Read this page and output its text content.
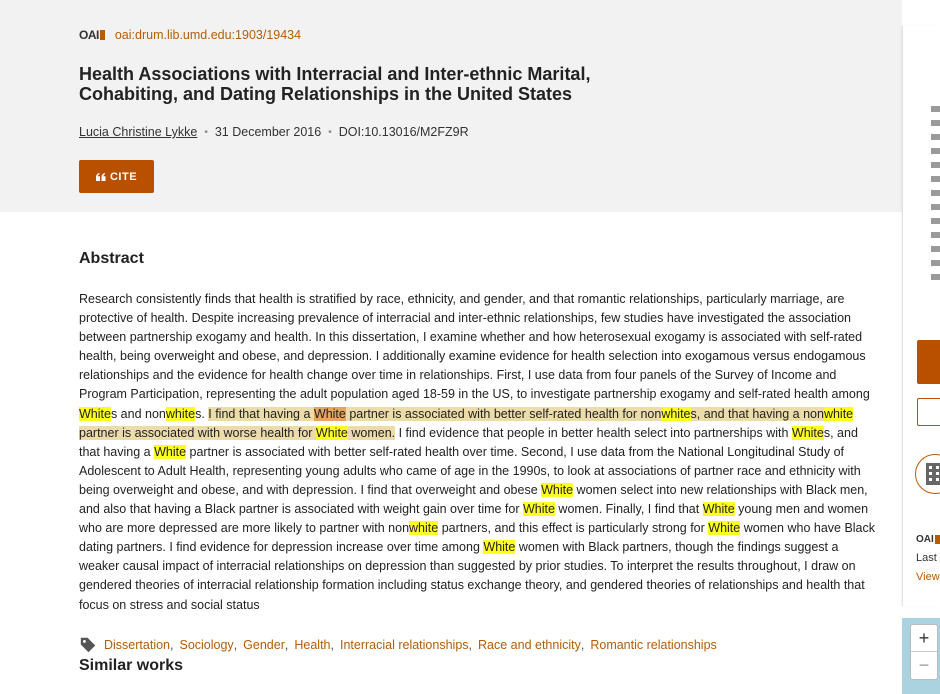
OAI oai:drum.lib.umd.edu:1903/19434
Health Associations with Interracial and Inter-ethnic Marital, Cohabiting, and Dating Relationships in the United States
Lucia Christine Lykke • 31 December 2016 • DOI:10.13016/M2FZ9R
CITE
Abstract
Research consistently finds that health is stratified by race, ethnicity, and gender, and that romantic relationships, particularly marriage, are protective of health. Despite increasing prevalence of interracial and inter-ethnic relationships, few studies have investigated the association between partnership exogamy and health. In this dissertation, I examine whether and how heterosexual exogamy is associated with self-rated health, being overweight and obese, and depression. I additionally examine evidence for health selection into exogamous versus endogamous relationships and the evidence for health change over time in relationships. First, I use data from four panels of the Survey of Income and Program Participation, representing the adult population aged 18-59 in the US, to investigate partnership exogamy and self-rated health among Whites and nonwhites. I find that having a White partner is associated with better self-rated health for nonwhites, and that having a nonwhite partner is associated with worse health for White women. I find evidence that people in better health select into partnerships with Whites, and that having a White partner is associated with better self-rated health over time. Second, I use data from the National Longitudinal Study of Adolescent to Adult Health, representing young adults who came of age in the 1990s, to look at associations of partner race and ethnicity with being overweight and obese, and with depression. I find that overweight and obese White women select into new relationships with Black men, and also that having a Black partner is associated with weight gain over time for White women. Finally, I find that White young men and women who are more depressed are more likely to partner with nonwhite partners, and this effect is particularly strong for White women who have Black dating partners. I find evidence for depression increase over time among White women with Black partners, though the findings suggest a weaker causal impact of interracial relationships on depression than suggested by prior studies. To interpret the results throughout, I draw on gendered theories of interracial relationship formation including status exchange theory, and gendered theories of relationships and health that focus on stress and social status
Dissertation , Sociology , Gender , Health , Interracial relationships , Race and ethnicity , Romantic relationships
Similar works
OAI
Last
View
+
−
